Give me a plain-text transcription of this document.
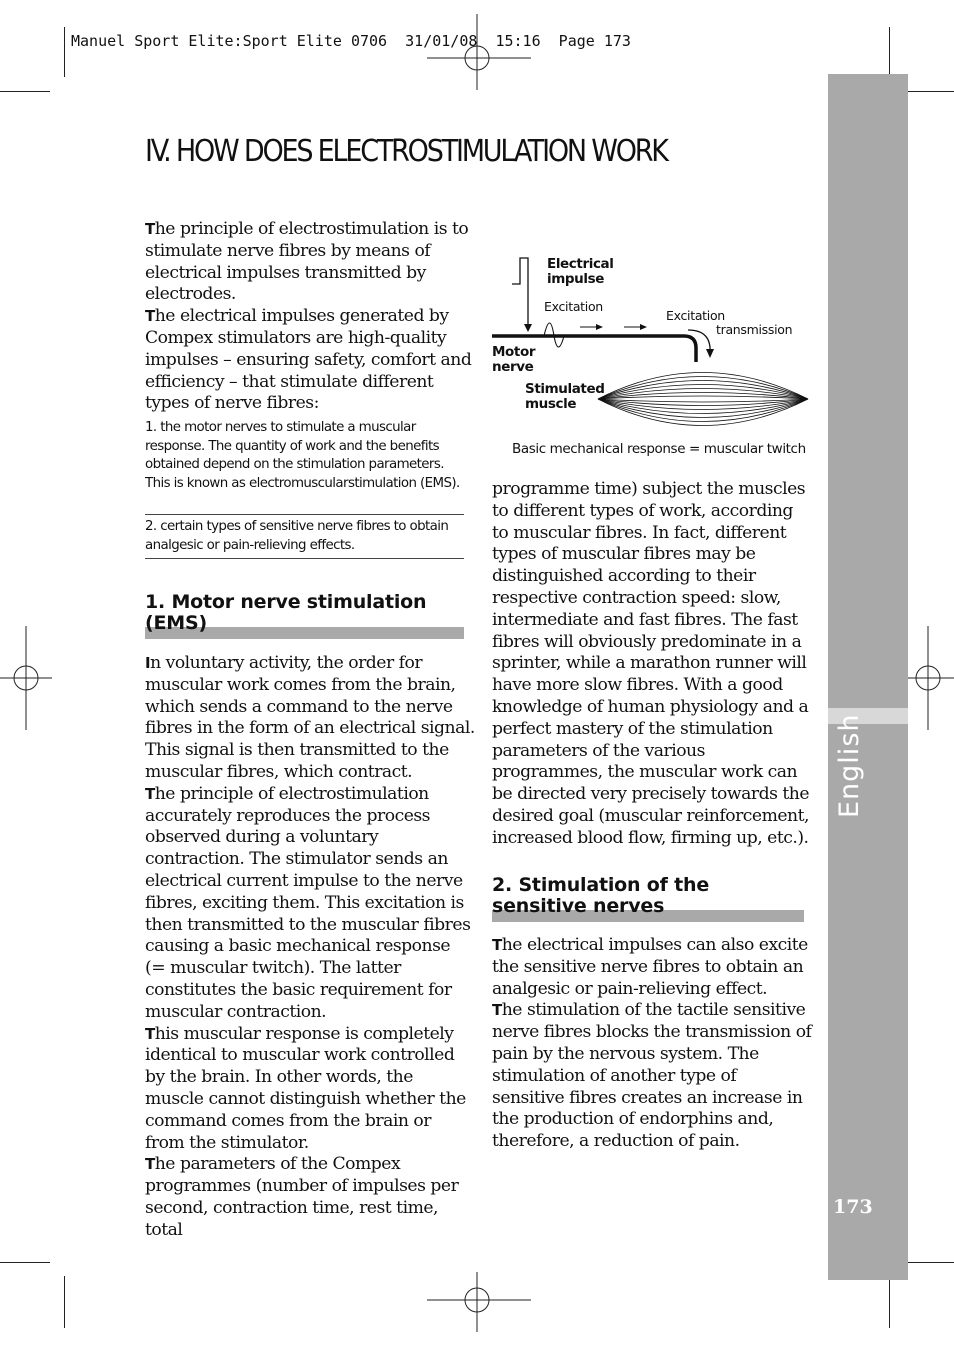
Manuel Sport Elite:Sport Elite 0706  31/01/08  15:16  Page 173
English
173
IV. HOW DOES ELECTROSTIMULATION WORK

The principle of electrostimulation is to stimulate nerve fibres by means of electrical impulses transmitted by electrodes.

The electrical impulses generated by Compex stimulators are high-quality impulses – ensuring safety, comfort and efficiency – that stimulate different types of nerve fibres:

1. the motor nerves to stimulate a muscular response. The quantity of work and the benefits obtained depend on the stimulation parameters. This is known as electromuscularstimulation (EMS).
2. certain types of sensitive nerve fibres to obtain analgesic or pain-relieving effects.
1. Motor nerve stimulation (EMS)

In voluntary activity, the order for muscular work comes from the brain, which sends a command to the nerve fibres in the form of an electrical signal. This signal is then transmitted to the muscular fibres, which contract.

The principle of electrostimulation accurately reproduces the process observed during a voluntary contraction. The stimulator sends an electrical current impulse to the nerve fibres, exciting them. This excitation is then transmitted to the muscular fibres causing a basic mechanical response (= muscular twitch). The latter constitutes the basic requirement for muscular contraction.

This muscular response is completely identical to muscular work controlled by the brain. In other words, the muscle cannot distinguish whether the command comes from the brain or from the stimulator.

The parameters of the Compex programmes (number of impulses per second, contraction time, rest time, total

Electrical
impulse
Excitation
Excitation
transmission
Motor
nerve
Stimulated
muscle
Basic mechanical response = muscular twitch

programme time) subject the muscles to different types of work, according to muscular fibres. In fact, different types of muscular fibres may be distinguished according to their respective contraction speed: slow, intermediate and fast fibres. The fast fibres will obviously predominate in a sprinter, while a marathon runner will have more slow fibres. With a good knowledge of human physiology and a perfect mastery of the stimulation parameters of the various programmes, the muscular work can be directed very precisely towards the desired goal (muscular reinforcement, increased blood flow, firming up, etc.).

2. Stimulation of the sensitive nerves

The electrical impulses can also excite the sensitive nerve fibres to obtain an analgesic or pain-relieving effect.

The stimulation of the tactile sensitive nerve fibres blocks the transmission of pain by the nervous system. The stimulation of another type of sensitive fibres creates an increase in the production of endorphins and, therefore, a reduction of pain.
